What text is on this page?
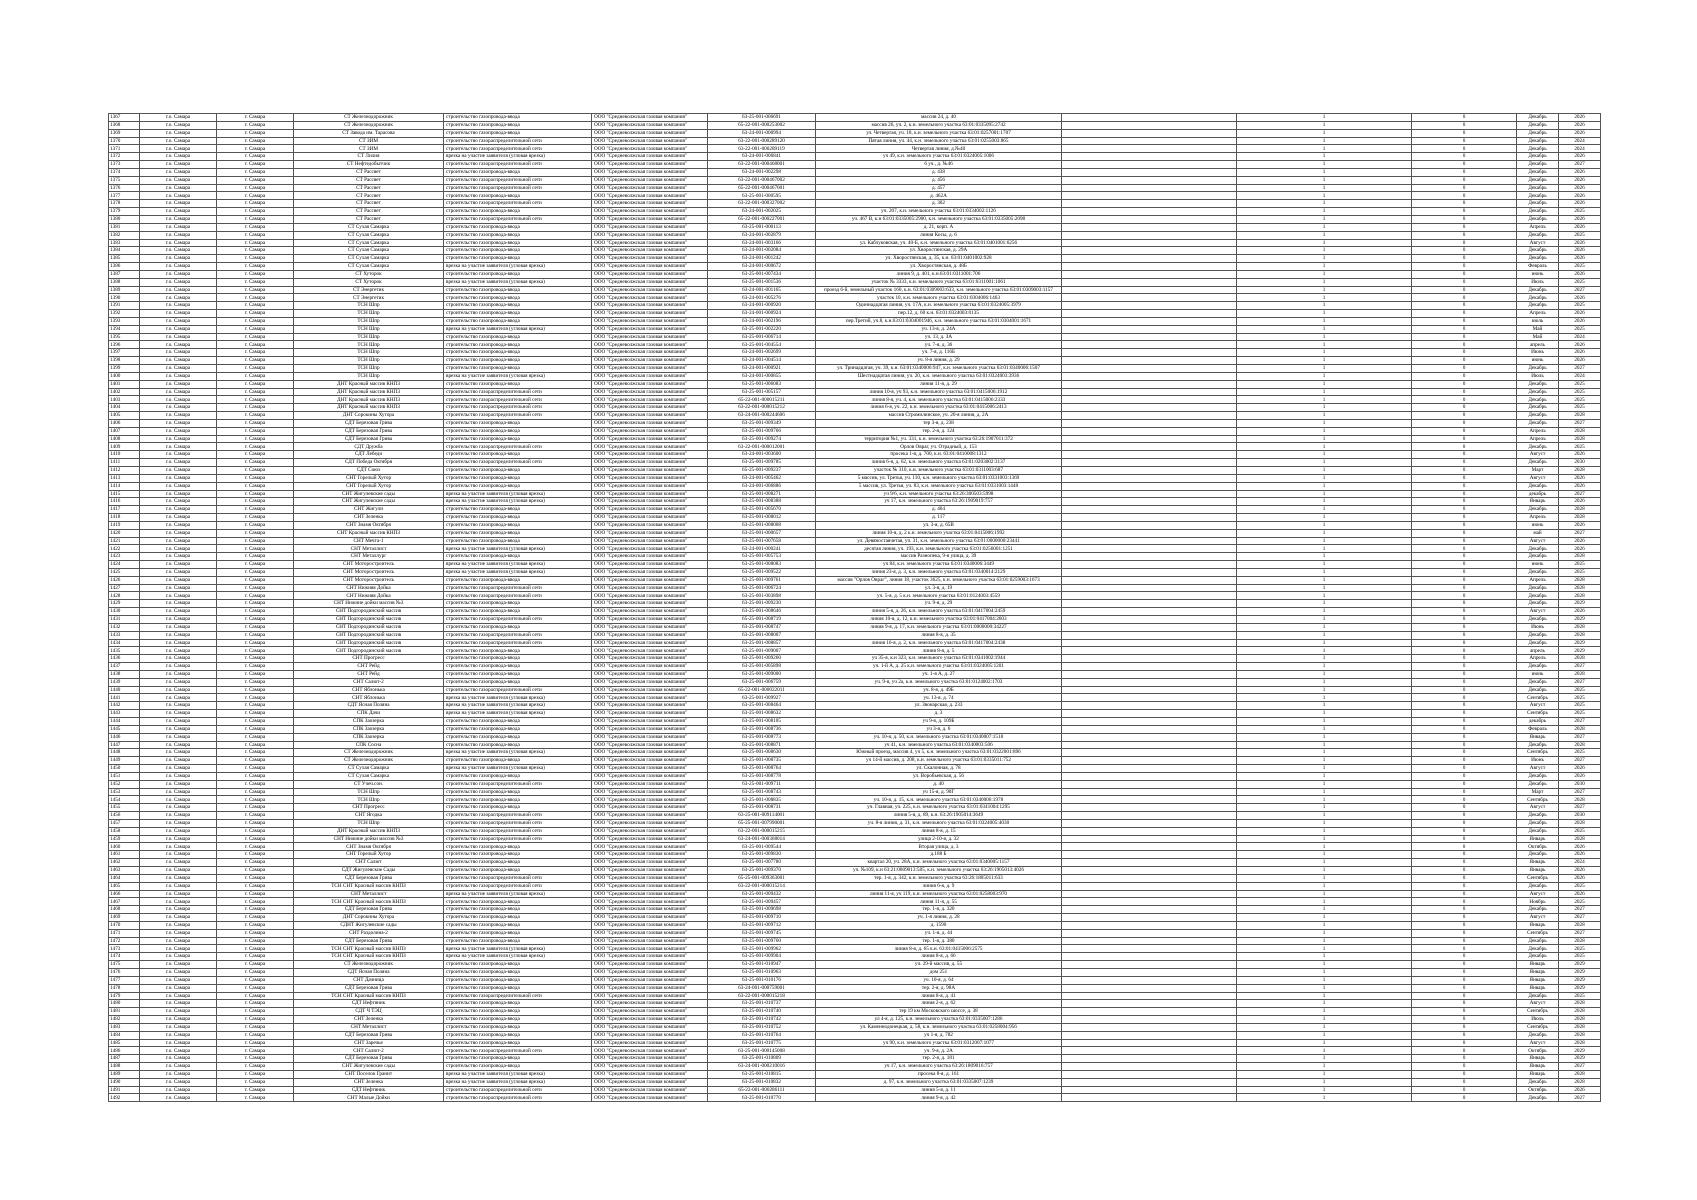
1367	г.о. Самара	г. Самара	СТ Железнодорожник	строительство газопровода-ввода	ООО "Средневолжская газовая компания"	63-25-001-006691	массив 24, д. 40		1	0	Декабрь	2026
1368	г.о. Самара	г. Самара	СТ Железнодорожник	строительство газопровода-ввода	ООО "Средневолжская газовая компания"	65-22-001-000253002	массив 26, уч. 2, к.н. земельного участка 63:01:0335095:2742		1	0	Декабрь	2026
1369	г.о. Самара	г. Самара	СТ Завода им. Тарасова	строительство газопровода-ввода	ООО "Средневолжская газовая компания"	63-24-001-000994	ул. Четвертая, уч. 18, к.н. земельного участка 63:01:0257001:1707		1	0	Декабрь	2026
1370	г.о. Самара	г. Самара	СТ ЗИМ	строительство газораспределительной сети	ООО "Средневолжская газовая компания"	63-22-001-000289120	Пятая линия, уч. 44, к.н. земельного участка 63:01:0255003:865		1	0	Декабрь	2024
1371	г.о. Самара	г. Самара	СТ ЗИМ	строительство газораспределительной сети	ООО "Средневолжская газовая компания"	63-22-001-000289119	Четвертая линия, д.№40		1	0	Декабрь	2024
1372	г.о. Самара	г. Самара	СТ Лилия	врезка на участие заявителя (угловая врезка)	ООО "Средневолжская газовая компания"	63-24-001-006841	уч 49, к.н. земельного участка 63:01:0324005:1006		1	0	Декабрь	2026
1373	г.о. Самара	г. Самара	СТ Нефтедобытчик	строительство газораспределительной сети	ООО "Средневолжская газовая компания"	63-22-001-000468001	6 уч., д. №46		1	0	Декабрь	2027
1374	г.о. Самара	г. Самара	СТ Рассвет	строительство газопровода-ввода	ООО "Средневолжская газовая компания"	63-24-001-002298	д. 438		1	0	Декабрь	2026
1375	г.о. Самара	г. Самара	СТ Рассвет	строительство газораспределительной сети	ООО "Средневолжская газовая компания"	63-22-001-000467002	д. 456		1	0	Декабрь	2026
1376	г.о. Самара	г. Самара	СТ Рассвет	строительство газораспределительной сети	ООО "Средневолжская газовая компания"	65-22-001-000467001	д. 457		1	0	Декабрь	2026
1377	г.о. Самара	г. Самара	СТ Рассвет	строительство газопровода-ввода	ООО "Средневолжская газовая компания"	63-25-001-000595	д. 462А		1	0	Декабрь	2026
1378	г.о. Самара	г. Самара	СТ Рассвет	строительство газораспределительной сети	ООО "Средневолжская газовая компания"	63-22-001-000327002	д. 302		1	0	Декабрь	2026
1379	г.о. Самара	г. Самара	СТ Рассвет	строительство газопровода-ввода	ООО "Средневолжская газовая компания"	63-24-001-002025	уч. 207, к.н. земельного участка 63:01:0334002:1126		1	0	Декабрь	2025
1380	г.о. Самара	г. Самара	СТ Рассвет	строительство газораспределительной сети	ООО "Средневолжская газовая компания"	65-22-001-000227001	уч. 467 В, к.н 63:01:0335005:2900, к.н. земельного участка 63:01:0335005:2098		1	0	Декабрь	2026
1381	г.о. Самара	г. Самара	СТ Сухая Самарка	строительство газопровода-ввода	ООО "Средневолжская газовая компания"	63-25-001-000113	д. 21, корп. А		1	0	Апрель	2026
1382	г.о. Самара	г. Самара	СТ Сухая Самарка	строительство газопровода-ввода	ООО "Средневолжская газовая компания"	63-24-001-002879	линия Косы, д. 6		1	0	Декабрь	2025
1383	г.о. Самара	г. Самара	СТ Сухая Самарка	строительство газопровода-ввода	ООО "Средневолжская газовая компания"	63-24-001-003166	ул. Каблуковская, уч. 40-Б, к.н. земельного участка 63:01:0401001:6256		1	0	Август	2026
1384	г.о. Самара	г. Самара	СТ Сухая Самарка	строительство газопровода-ввода	ООО "Средневолжская газовая компания"	63-24-001-002084	ул. Хворостянская, д. 29А		1	0	Декабрь	2026
1385	г.о. Самара	г. Самара	СТ Сухая Самарка	строительство газопровода-ввода	ООО "Средневолжская газовая компания"	63-24-001-001242	ул. Хворостянская, д. 35, к.н. 63:01:0401002:928		1	0	Декабрь	2026
1386	г.о. Самара	г. Самара	СТ Сухая Самарка	врезка на участие заявителя (угловая врезка)	ООО "Средневолжская газовая компания"	63-24-001-000672	ул. Хворостянская, д. 48Б		1	0	Февраль	2025
1387	г.о. Самара	г. Самара	СТ Хуторок	строительство газопровода-ввода	ООО "Средневолжская газовая компания"	63-25-001-007434	линия 9, д. 401, к.н.63:01:0311001:706		1	0	июнь	2026
1388	г.о. Самара	г. Самара	СТ Хуторок	врезка на участие заявителя (угловая врезка)	ООО "Средневолжская газовая компания"	63-25-001-001536	участок № 3333, к.н. земельного участка 63:01:0311001:1061		1	0	Июль	2025
1389	г.о. Самара	г. Самара	СТ Энергетик	строительство газопровода-ввода	ООО "Средневолжская газовая компания"	63-24-001-001165	проезд 6-й, земельный участок 160, к.н. 63:01:0309003:633, к.н. земельного участка 63:01:0309003:1157		1	0	Декабрь	2027
1390	г.о. Самара	г. Самара	СТ Энергетик	строительство газопровода-ввода	ООО "Средневолжская газовая компания"	63-24-001-005276	участок 10, к.н. земельного участка 63:01:0304006:1463		1	0	Декабрь	2026
1391	г.о. Самара	г. Самара	ТСН Шпр	строительство газопровода-ввода	ООО "Средневолжская газовая компания"	63-24-001-000920	Одиннадцатая линия, уч. 17А, к.н. земельного участка 63:01:0324005:3979		1	0	Декабрь	2025
1392	г.о. Самара	г. Самара	ТСН Шпр	строительство газопровода-ввода	ООО "Средневолжская газовая компания"	63-24-001-000924	пер.12, д. 60 к.н. 63:01:0324003:0135		1	0	Апрель	2026
1393	г.о. Самара	г. Самара	ТСН Шпр	строительство газопровода-ввода	ООО "Средневолжская газовая компания"	63-24-001-002196	пер.Третий, уч.8, к.н.63:01:0304001946, к.н. земельного участка 63:01:0304001:1671		1	0	июль	2026
1394	г.о. Самара	г. Самара	ТСН Шпр	врезка на участие заявителя (угловая врезка)	ООО "Средневолжская газовая компания"	63-25-001-002220	уч. 13-я, д. 24А		1	0	Май	2025
1395	г.о. Самара	г. Самара	ТСН Шпр	строительство газопровода-ввода	ООО "Средневолжская газовая компания"	63-25-001-006714	уч. 13, д. ЗА		1	0	Май	2024
1396	г.о. Самара	г. Самара	ТСН Шпр	строительство газопровода-ввода	ООО "Средневолжская газовая компания"	63-25-001-004554	уч. 7-я, д. 36		1	0	апрель	2026
1397	г.о. Самара	г. Самара	ТСН Шпр	строительство газопровода-ввода	ООО "Средневолжская газовая компания"	63-24-001-002699	уч. 7-я, д. 116Б		1	0	Июнь	2026
1398	г.о. Самара	г. Самара	ТСН Шпр	строительство газопровода-ввода	ООО "Средневолжская газовая компания"	63-24-001-004514	уч. 8-я линия, д. 29		1	0	июнь	2026
1399	г.о. Самара	г. Самара	ТСН Шпр	строительство газопровода-ввода	ООО "Средневолжская газовая компания"	63-24-001-000921	ул. Тринадцатая, уч. 39, к.н. 63:01:0340006:947, к.н. земельного участка 63:01:0340006:1507		1	0	Декабрь	2027
1400	г.о. Самара	г. Самара	ТСН Шпр	врезка на участие заявителя (угловая врезка)	ООО "Средневолжская газовая компания"	63-24-001-000855	Шестнадцатая линия, уч. 20, к.н. земельного участка 63:01:0324003:3936		1	0	Июль	2024
1401	г.о. Самара	г. Самара	ДНТ Красный массив КНПЗ	строительство газопровода-ввода	ООО "Средневолжская газовая компания"	63-25-001-006083	линия 11-я, д. 29		1	0	Декабрь	2025
1402	г.о. Самара	г. Самара	ДНТ Красный массив КНПЗ	строительство газораспределительной сети	ООО "Средневолжская газовая компания"	63-25-001-005157	линия 10-я, уч 93, к.н. земельного участка 63:01:0415006:1912		1	0	Декабрь	2025
1403	г.о. Самара	г. Самара	ДНТ Красный массив КНПЗ	строительство газораспределительной сети	ООО "Средневолжская газовая компания"	65-22-001-000015211	линия 8-я, уч. 4, к.н. земельного участка 63:01:0415006:2333		1	0	Декабрь	2025
1404	г.о. Самара	г. Самара	ДНТ Красный массив КНПЗ	строительство газораспределительной сети	ООО "Средневолжская газовая компания"	63-22-001-000015212	линия 6-я, уч. 22, к.н. земельного участка 63:01:0415006:2413		1	0	Декабрь	2025
1405	г.о. Самара	г. Самара	ДНТ Сорокины Хутора	строительство газораспределительной сети	ООО "Средневолжская газовая компания"	63-24-001-000244606	массив Стромилинское, уч. 20-я линия, д. 2А		1	0	Декабрь	2028
1406	г.о. Самара	г. Самара	СДТ Березовая Грива	строительство газопровода-ввода	ООО "Средневолжская газовая компания"	63-25-001-009349	тер 3-я, д. 238		1	0	Декабрь	2027
1407	г.о. Самара	г. Самара	СДТ Березовая Грива	строительство газопровода-ввода	ООО "Средневолжская газовая компания"	63-25-001-009766	тер. 2-я, д. 124		1	0	Апрель	2028
1408	г.о. Самара	г. Самара	СДТ Березовая Грива	строительство газопровода-ввода	ООО "Средневолжская газовая компания"	63-25-001-009274	территория №1, уч. 331, к.н. земельного участка 63:26:1907011:372		1	0	Апрель	2028
1409	г.о. Самара	г. Самара	СДТ Дружба	строительство газораспределительной сети	ООО "Средневолжская газовая компания"	63-22-001-000012001	Орлов Овраг, уч. Отрадный, д. 153		1	0	Декабрь	2025
1410	г.о. Самара	г. Самара	СДТ Лебеди	строительство газопровода-ввода	ООО "Средневолжская газовая компания"	63-24-001-003600	просека 1-я, д. 700, к.н. 63:01:0410008:1312		1	0	Август	2026
1411	г.о. Самара	г. Самара	СДТ Победа Октября	строительство газораспределительной сети	ООО "Средневолжская газовая компания"	63-25-001-009785	линия 6-я, д. 62, к.н. земельного участка 63:01:0203002:3137		1	0	Декабрь	2030
1412	г.о. Самара	г. Самара	СДТ Союз	строительство газопровода-ввода	ООО "Средневолжская газовая компания"	65-25-001-009237	участок № 310, к.н. земельного участка 63:01:0311003:687		1	0	Март	2028
1413	г.о. Самара	г. Самара	СНТ Горелый Хутор	строительство газопровода-ввода	ООО "Средневолжская газовая компания"	63-24-001-005462	5 массив, ул. Третья, уч. 110, к.н. земельного участка 63:01:0331003:1369		1	0	Август	2026
1414	г.о. Самара	г. Самара	СНТ Горелый Хутор	строительство газопровода-ввода	ООО "Средневолжская газовая компания"	63-24-001-006886	5 массив, ул. Третья, уч. 83, к.н. земельного участка 63:01:0331003:1448		1	0	Декабрь	2026
1415	г.о. Самара	г. Самара	СНТ Жигулевские сады	врезка на участие заявителя (угловая врезка)	ООО "Средневолжская газовая компания"	63-25-001-008271	уч 9/6, к.н. земельного участка 63:26:300503:5998		1	0	декабрь	2027
1416	г.о. Самара	г. Самара	СНТ Жигулевские сады	врезка на участие заявителя (угловая врезка)	ООО "Средневолжская газовая компания"	63-25-001-008388	уч 17, к.н. земельного участка 63:26:1909019:757		1	0	Январь	2026
1417	г.о. Самара	г. Самара	СНТ Жигули	строительство газопровода-ввода	ООО "Средневолжская газовая компания"	63-25-001-005670	д. 464		1	0	Декабрь	2028
1418	г.о. Самара	г. Самара	СНТ Зеленка	строительство газопровода-ввода	ООО "Средневолжская газовая компания"	63-25-001-008012	д. 117		1	0	Апрель	2028
1419	г.о. Самара	г. Самара	СНТ Знамя Октября	строительство газопровода-ввода	ООО "Средневолжская газовая компания"	63-25-001-008008	ул. 3-я, д. 65В		1	0	июнь	2026
1420	г.о. Самара	г. Самара	СНТ Красный массив КНПЗ	строительство газопровода-ввода	ООО "Средневолжская газовая компания"	63-25-001-000657	линия 10-я, д. 2 к.н. земельного участка 63:01:0415006:1992		1	0	май	2027
1421	г.о. Самара	г. Самара	СНТ Мечта-1	строительство газопровода-ввода	ООО "Средневолжская газовая компания"	63-25-001-007658	ул. Девяностаячетая, уч. 31, к.н. земельного участка 63:01:0000000:23441		1	0	Август	2026
1422	г.о. Самара	г. Самара	СНТ Металлист	врезка на участие заявителя (угловая врезка)	ООО "Средневолжская газовая компания"	63-24-001-000241	десятая линия, уч. 193, к.н. земельного участка 63:01:0256001:1251		1	0	Декабрь	2026
1423	г.о. Самара	г. Самара	СНТ Металлург	строительство газопровода-ввода	ООО "Средневолжская газовая компания"	63-25-001-005753	массив Разнопека, 9-я улица, д. 39		1	0	Декабрь	2028
1424	г.о. Самара	г. Самара	СНТ Моторостроитель	врезка на участие заявителя (угловая врезка)	ООО "Средневолжская газовая компания"	63-25-001-008083	уч 84, к.н. земельного участка 63:01:0340006:3449		1	0	июнь	2025
1425	г.о. Самара	г. Самара	СНТ Моторостроитель	врезка на участие заявителя (угловая врезка)	ООО "Средневолжская газовая компания"	63-25-001-009522	линия 23-я, д. 3, к.н. земельного участка 63:01:0340014:2129		1	0	Декабрь	2025
1426	г.о. Самара	г. Самара	СНТ Моторостроитель	строительство газопровода-ввода	ООО "Средневолжская газовая компания"	63-25-001-009761	массив "Орлов Овраг", линия 18, участок 3625, к.н. земельного участка 63:01:0259003:1673		1	0	Апрель	2028
1427	г.о. Самара	г. Самара	СНТ Нижняя Дойка	строительство газораспределительной сети	ООО "Средневолжская газовая компания"	63-25-001-006724	ул. 3-я, д. 19		1	0	Декабрь	2028
1428	г.о. Самара	г. Самара	СНТ Нижняя Дойка	строительство газораспределительной сети	ООО "Средневолжская газовая компания"	63-25-001-003898	уч. 5-я, д. 5 к.н. земельного участка 63:01:0124003:4559		1	0	Декабрь	2028
1429	г.о. Самара	г. Самара	СНТ Нижние дойки массив №3	строительство газопровода-ввода	ООО "Средневолжская газовая компания"	63-25-001-009230	уч. 9-я, д. 29		1	0	Декабрь	2029
1430	г.о. Самара	г. Самара	СНТ Подгородинский массив	строительство газопровода-ввода	ООО "Средневолжская газовая компания"	63-25-001-008646	линия 5-я, д. 26, к.н. земельного участка 63:01:0417004:2459		1	0	Август	2026
1431	г.о. Самара	г. Самара	СНТ Подгородинский массив	строительство газораспределительной сети	ООО "Средневолжская газовая компания"	65-25-001-008719	линия 10-я, д. 12, к.н. земельного участка 63:01:0417004:2603		1	0	Декабрь	2029
1432	г.о. Самара	г. Самара	СНТ Подгородинский массив	строительство газопровода-ввода	ООО "Средневолжская газовая компания"	63-25-001-008747	линия 9-я, д. 17, к.н. земельного участка 63:01:0000000:34227		1	0	Июнь	2028
1433	г.о. Самара	г. Самара	СНТ Подгородинский массив	строительство газораспределительной сети	ООО "Средневолжская газовая компания"	63-25-001-008007	линия 8-я, д. 35		1	0	Декабрь	2028
1434	г.о. Самара	г. Самара	СНТ Подгородинский массив	строительство газораспределительной сети	ООО "Средневолжская газовая компания"	63-25-001-008857	линия 16-я, д. 2, к.н. земельного участка 63:01:0417004:2438		1	0	Декабрь	2029
1435	г.о. Самара	г. Самара	СНТ Подгородинский массив	строительство газопровода-ввода	ООО "Средневолжская газовая компания"	63-25-001-009007	линия 8-я, д. 5		1	0	апрель	2029
1436	г.о. Самара	г. Самара	СНТ Прогресс	строительство газопровода-ввода	ООО "Средневолжская газовая компания"	63-25-001-009260	уч 35-я, к.н 323, к.н. земельного участка 63:01:0341002:1944		1	0	Апрель	2028
1437	г.о. Самара	г. Самара	СНТ Рейд	строительство газопровода-ввода	ООО "Средневолжская газовая компания"	63-25-001-005898	уч. 1-й А, д. 25 к.н. земельного участка 63:01:0324005:1201		1	0	Декабрь	2027
1438	г.о. Самара	г. Самара	СНТ Рейд	строительство газопровода-ввода	ООО "Средневолжская газовая компания"	63-25-001-009000	уч. 1-я А, д. 27		1	0	июнь	2028
1439	г.о. Самара	г. Самара	СНТ Салют-2	строительство газопровода-ввода	ООО "Средневолжская газовая компания"	63-25-001-006759	уч. 9-я, уч 2а, к.н. земельного участка 63:01:0124002:1703		1	0	Декабрь	2027
1440	г.о. Самара	г. Самара	СНТ Яблонька	строительство газораспределительной сети	ООО "Средневолжская газовая компания"	65-22-001-000022011	уч. 8-я, д. 49Б		1	0	Декабрь	2025
1441	г.о. Самара	г. Самара	СНТ Яблонька	врезка на участие заявителя (угловая врезка)	ООО "Средневолжская газовая компания"	63-25-001-009927	уч. 13-я, д. 74		1	0	Сентябрь	2025
1442	г.о. Самара	г. Самара	СДТ Ясная Поляна	врезка на участие заявителя (угловая врезка)	ООО "Средневолжская газовая компания"	63-25-001-008464	ул. Звонарская, д. 233		1	0	Август	2025
1443	г.о. Самара	г. Самара	СПК Дачи	врезка на участие заявителя (угловая врезка)	ООО "Средневолжская газовая компания"	63-25-001-008632	д. 3		1	0	Сентябрь	2025
1444	г.о. Самара	г. Самара	СПК Заозерка	строительство газопровода-ввода	ООО "Средневолжская газовая компания"	63-25-001-008105	уч 9-я, д. 109Б		1	0	декабрь	2027
1445	г.о. Самара	г. Самара	СПК Заозерка	строительство газопровода-ввода	ООО "Средневолжская газовая компания"	63-25-001-008736	уч 3-я, д. 6		1	0	Февраль	2028
1446	г.о. Самара	г. Самара	СПК Заозерка	строительство газопровода-ввода	ООО "Средневолжская газовая компания"	63-25-001-008773	уч. 10-я, д. 50, к.н. земельного участка 63:01:0340007:1518		1	0	Январь	2027
1447	г.о. Самара	г. Самара	СПК Сосна	строительство газопровода-ввода	ООО "Средневолжская газовая компания"	63-25-001-008871	уч 41, к.н. земельного участка 63:01:0340003:506		1	0	Декабрь	2028
1448	г.о. Самара	г. Самара	СТ Железнодорожник	врезка на участие заявителя (угловая врезка)	ООО "Средневолжская газовая компания"	63-25-001-008630	Южный проезд, массив 4, уч 5, к.н. земельного участка 63:01:0322001:896		1	0	Сентябрь	2025
1449	г.о. Самара	г. Самара	СТ Железнодорожник	строительство газопровода-ввода	ООО "Средневолжская газовая компания"	63-25-001-008735	уч 14-й массив, д. 208, к.н. земельного участка 63:01:0335011:752		1	0	Июнь	2027
1450	г.о. Самара	г. Самара	СТ Сухая Самарка	врезка на участие заявителя (угловая врезка)	ООО "Средневолжская газовая компания"	63-25-001-008764	ул. Скалонная, д. 78		1	0	Август	2026
1451	г.о. Самара	г. Самара	СТ Сухая Самарка	строительство газопровода-ввода	ООО "Средневолжская газовая компания"	63-25-001-008778	ул. Воробьевская, д. 56		1	0	Декабрь	2026
1452	г.о. Самара	г. Самара	СТ Учеч.сон.	строительство газораспределительной сети	ООО "Средневолжская газовая компания"	63-25-001-009711	д. 40		1	0	Декабрь	2030
1453	г.о. Самара	г. Самара	ТСН Шпр	строительство газопровода-ввода	ООО "Средневолжская газовая компания"	63-25-001-008743	уч 15-я, д. 90Г		1	0	Март	2027
1454	г.о. Самара	г. Самара	ТСН Шпр	строительство газопровода-ввода	ООО "Средневолжская газовая компания"	63-25-001-008835	уч. 10-я, д. 15, к.н. земельного участка 63:01:0340006:1978		1	0	Сентябрь	2028
1455	г.о. Самара	г. Самара	СНТ Прогресс	строительство газопровода-ввода	ООО "Средневолжская газовая компания"	63-25-001-008731	уч. Главная, уч. 225, к.н. земельного участка 63:01:0341004:1295		1	0	Август	2027
1456	г.о. Самара	г. Самара	СНТ Ягодка	строительство газораспределительной сети	ООО "Средневолжская газовая компания"	63-25-001-009114001	линия 5-я, д. 89, к.н. 63:26:1905014:3649		1	0	Декабрь	2030
1457	г.о. Самара	г. Самара	ТСН Шпр	строительство газораспределительной сети	ООО "Средневолжская газовая компания"	65-25-001-007990001	уч. 8-я линия, д. 31, к.н. земельного участка 63:01:0324005:4030		1	0	Декабрь	2028
1458	г.о. Самара	г. Самара	ДНТ Красный массив КНПЗ	строительство газораспределительной сети	ООО "Средневолжская газовая компания"	63-22-001-000015215	линия 8-я, д. 15		1	0	Декабрь	2025
1459	г.о. Самара	г. Самара	СНТ Нижние дойки массив №3	строительство газораспределительной сети	ООО "Средневолжская газовая компания"	63-24-001-000368014	улица 2-10-я, д. 32		1	0	Январь	2028
1460	г.о. Самара	г. Самара	СНТ Знамя Октября	строительство газопровода-ввода	ООО "Средневолжская газовая компания"	63-25-001-009544	Вторая улица, д. 3		1	0	Октябрь	2026
1461	г.о. Самара	г. Самара	СНТ Горелый Хутор	строительство газопровода-ввода	ООО "Средневолжская газовая компания"	63-25-001-009830	д.188 Б		1	0	Декабрь	2026
1462	г.о. Самара	г. Самара	СНТ Салют	строительство газопровода-ввода	ООО "Средневолжская газовая компания"	63-25-001-007780	квартал 20, уч. 28А, к.н. земельного участка 63:01:0340005:1157		1	0	Январь	2024
1463	г.о. Самара	г. Самара	СДТ Жигулевские Сады	строительство газопровода-ввода	ООО "Средневолжская газовая компания"	63-25-001-009370	уч. №109, к.н 63:21:0809013:585, к.н. земельного участка 63:26:1905013:4026		1	0	Январь	2026
1464	г.о. Самара	г. Самара	СДТ Березовая Грива	строительство газораспределительной сети	ООО "Средневолжская газовая компания"	65-25-001-009363001	тер. 1-я, д. 342, к.н. земельного участка 63:26:1805011:633		1	0	Сентябрь	2026
1465	г.о. Самара	г. Самара	ТСН СНТ Красный массив КНПЗ	строительство газораспределительной сети	ООО "Средневолжская газовая компания"	63-22-001-000015214	линия 6-я, д. 9		1	0	Декабрь	2025
1466	г.о. Самара	г. Самара	СНТ Металлист	врезка на участие заявителя (угловая врезка)	ООО "Средневолжская газовая компания"	63-25-001-009432	линия 11-я, уч 119, к.н. земельного участка 63:01:0258003:970		1	0	Август	2026
1467	г.о. Самара	г. Самара	ТСН СНТ Красный массив КНПЗ	строительство газопровода-ввода	ООО "Средневолжская газовая компания"	63-25-001-009457	линия 11-я, д. 55		1	0	Ноябрь	2025
1468	г.о. Самара	г. Самара	СДТ Березовая Грива	строительство газопровода-ввода	ООО "Средневолжская газовая компания"	63-25-001-009698	тер. 1-я, д. 320		1	0	Декабрь	2027
1469	г.о. Самара	г. Самара	ДНТ Сорокины Хутора	строительство газопровода-ввода	ООО "Средневолжская газовая компания"	63-25-001-009710	уч. 1-я линия, д. 28		1	0	Август	2027
1470	г.о. Самара	г. Самара	СДНТ Жигулевские сады	строительство газопровода-ввода	ООО "Средневолжская газовая компания"	63-25-001-009712	д. 1590		1	0	Январь	2028
1471	г.о. Самара	г. Самара	СНТ Раздолина-2	строительство газопровода-ввода	ООО "Средневолжская газовая компания"	63-25-001-009745	уч. 1-я, д. 44		1	0	Сентябрь	2027
1472	г.о. Самара	г. Самара	СДТ Березовая Грива	строительство газопровода-ввода	ООО "Средневолжская газовая компания"	63-25-001-009760	тер. 1-я, д. 380		1	0	Декабрь	2028
1473	г.о. Самара	г. Самара	ТСН СНТ Красный массив КНПЗ	врезка на участие заявителя (угловая врезка)	ООО "Средневолжская газовая компания"	63-25-001-009962	линия 8-я, д. 65 к.н. 63:01:0415006:2575		1	0	Декабрь	2025
1474	г.о. Самара	г. Самара	ТСН СНТ Красный массив КНПЗ	врезка на участие заявителя (угловая врезка)	ООО "Средневолжская газовая компания"	63-25-001-009904	линия 8-я, д. 66		1	0	Декабрь	2025
1475	г.о. Самара	г. Самара	СТ Железнодорожник	строительство газопровода-ввода	ООО "Средневолжская газовая компания"	63-25-001-010947	уч. 29-й массив, д. 55		1	0	Январь	2029
1476	г.о. Самара	г. Самара	СДТ Ясная Поляна	строительство газопровода-ввода	ООО "Средневолжская газовая компания"	63-25-001-010963	дом 251		1	0	Январь	2029
1477	г.о. Самара	г. Самара	СНТ Дачница	строительство газопровода-ввода	ООО "Средневолжская газовая компания"	63-25-001-010176	уч. 10-я, д. 64		1	0	Январь	2029
1478	г.о. Самара	г. Самара	СДТ Березовая Грива	строительство газопровода-ввода	ООО "Средневолжская газовая компания"	63-24-001-000759001	тер. 2-я, д. 98А		1	0	Январь	2029
1479	г.о. Самара	г. Самара	ТСН СНТ Красный массив КНПЗ	строительство газораспределительной сети	ООО "Средневолжская газовая компания"	63-22-001-000015218	линия 8-я, д. 41		1	0	Декабрь	2025
1480	г.о. Самара	г. Самара	СДТ Нефтяник	строительство газопровода-ввода	ООО "Средневолжская газовая компания"	63-25-001-010737	линия 2-я, д. 62		1	0	Август	2028
1481	г.о. Самара	г. Самара	СДТ Ч ТЭЦ	строительство газопровода-ввода	ООО "Средневолжская газовая компания"	63-25-001-010740	тер 19 км Московского шоссе, д. 38		1	0	Сентябрь	2028
1482	г.о. Самара	г. Самара	СНТ Зеленка	строительство газопровода-ввода	ООО "Средневолжская газовая компания"	63-25-001-010742	ул 4-я, д. 125, к.н. земельного участка 63:01:0335007:1286		1	0	Июль	2028
1483	г.о. Самара	г. Самара	СНТ Металлист	строительство газопровода-ввода	ООО "Средневолжская газовая компания"	63-25-001-010752	ул. Каменнодонецкая, д. 58, к.н. земельного участка 63:01:0258004:956		1	0	Сентябрь	2028
1484	г.о. Самара	г. Самара	СДТ Березовая Грива	строительство газопровода-ввода	ООО "Средневолжская газовая компания"	63-25-001-010764	уч 1-я, д. 782		1	0	Декабрь	2028
1485	г.о. Самара	г. Самара	СНТ Заречье	строительство газопровода-ввода	ООО "Средневолжская газовая компания"	63-25-001-010775	уч 90, к.н. земельного участка 63:01:0312007:1077		1	0	Август	2028
1486	г.о. Самара	г. Самара	СНТ Салют-2	строительство газораспределительной сети	ООО "Средневолжская газовая компания"	63-25-001-000145008	уч. 9-я, д. 2А		1	0	Октябрь	2029
1487	г.о. Самара	г. Самара	СДТ Березовая Грива	строительство газопровода-ввода	ООО "Средневолжская газовая компания"	63-25-001-010809	тер. 2-я, д. 181		1	0	Январь	2029
1488	г.о. Самара	г. Самара	СНТ Жигулевские сады	строительство газопровода-ввода	ООО "Средневолжская газовая компания"	63-24-001-000210016	уч 17, к.н. земельного участка 63:26:1809016:757		1	0	Январь	2027
1489	г.о. Самара	г. Самара	СНТ Поселок Гранит	врезка на участие заявителя (угловая врезка)	ООО "Средневолжская газовая компания"	63-25-001-010815	просека 8-я, д. 161		1	0	Январь	2028
1490	г.о. Самара	г. Самара	СНТ Зеленка	врезка на участие заявителя (угловая врезка)	ООО "Средневолжская газовая компания"	63-25-001-010832	д. 97, к.н. земельного участка 63:01:0335007:1239		1	0	Декабрь	2028
1491	г.о. Самара	г. Самара	СДТ Нефтяник	строительство газораспределительной сети	ООО "Средневолжская газовая компания"	65-22-001-000286111	линия 5-я, д. 11		1	0	Октябрь	2026
1492	г.о. Самара	г. Самара	СНТ Малые Дойки	строительство газораспределительной сети	ООО "Средневолжская газовая компания"	63-25-001-010770	линия 9-я, д. 42		1	0	Декабрь	2027
